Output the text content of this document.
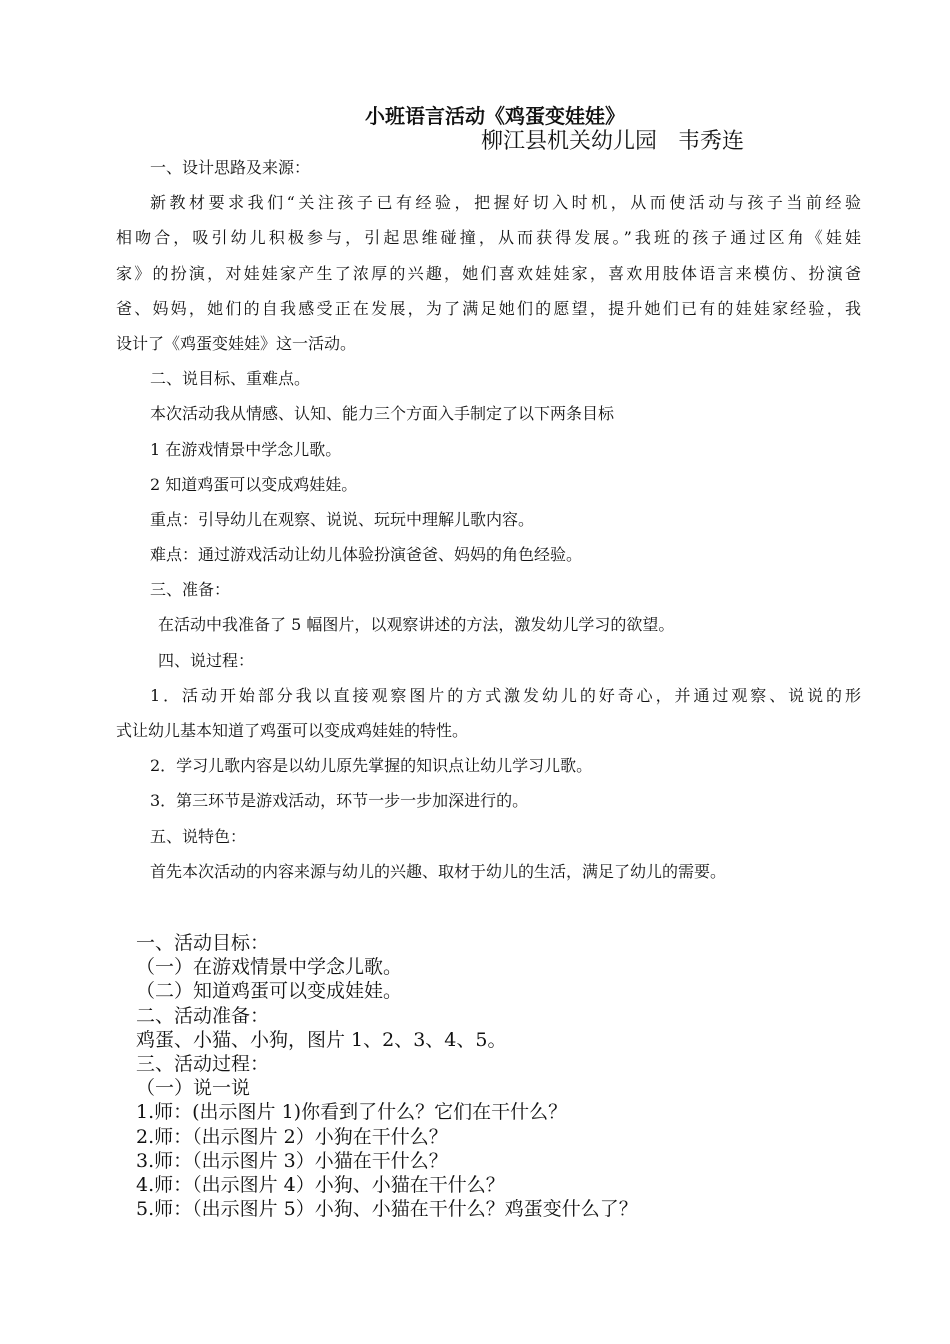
小班语言活动《鸡蛋变娃娃》
柳江县机关幼儿园 韦秀连

一、设计思路及来源：

新教材要求我们“关注孩子已有经验，把握好切入时机，从而使活动与孩子当前经验

相吻合，吸引幼儿积极参与，引起思维碰撞，从而获得发展。”我班的孩子通过区角《娃娃

家》的扮演，对娃娃家产生了浓厚的兴趣，她们喜欢娃娃家，喜欢用肢体语言来模仿、扮演爸

爸、妈妈，她们的自我感受正在发展，为了满足她们的愿望，提升她们已有的娃娃家经验，我

设计了《鸡蛋变娃娃》这一活动。

二、说目标、重难点。

本次活动我从情感、认知、能力三个方面入手制定了以下两条目标

1 在游戏情景中学念儿歌。

2 知道鸡蛋可以变成鸡娃娃。

重点：引导幼儿在观察、说说、玩玩中理解儿歌内容。

难点：通过游戏活动让幼儿体验扮演爸爸、妈妈的角色经验。

三、准备：

在活动中我准备了 5 幅图片，以观察讲述的方法，激发幼儿学习的欲望。

四、说过程：

1．活动开始部分我以直接观察图片的方式激发幼儿的好奇心，并通过观察、说说的形

式让幼儿基本知道了鸡蛋可以变成鸡娃娃的特性。

2．学习儿歌内容是以幼儿原先掌握的知识点让幼儿学习儿歌。

3．第三环节是游戏活动，环节一步一步加深进行的。

五、说特色：

首先本次活动的内容来源与幼儿的兴趣、取材于幼儿的生活，满足了幼儿的需要。

一、活动目标：

（一）在游戏情景中学念儿歌。

（二）知道鸡蛋可以变成娃娃。

二、活动准备：

鸡蛋、小猫、小狗，图片 1、2、3、4、5。

三、活动过程：

（一）说一说

1.师：(出示图片 1)你看到了什么？它们在干什么？

2.师：（出示图片 2）小狗在干什么？

3.师：（出示图片 3）小猫在干什么？

4.师：（出示图片 4）小狗、小猫在干什么？

5.师：（出示图片 5）小狗、小猫在干什么？鸡蛋变什么了？
